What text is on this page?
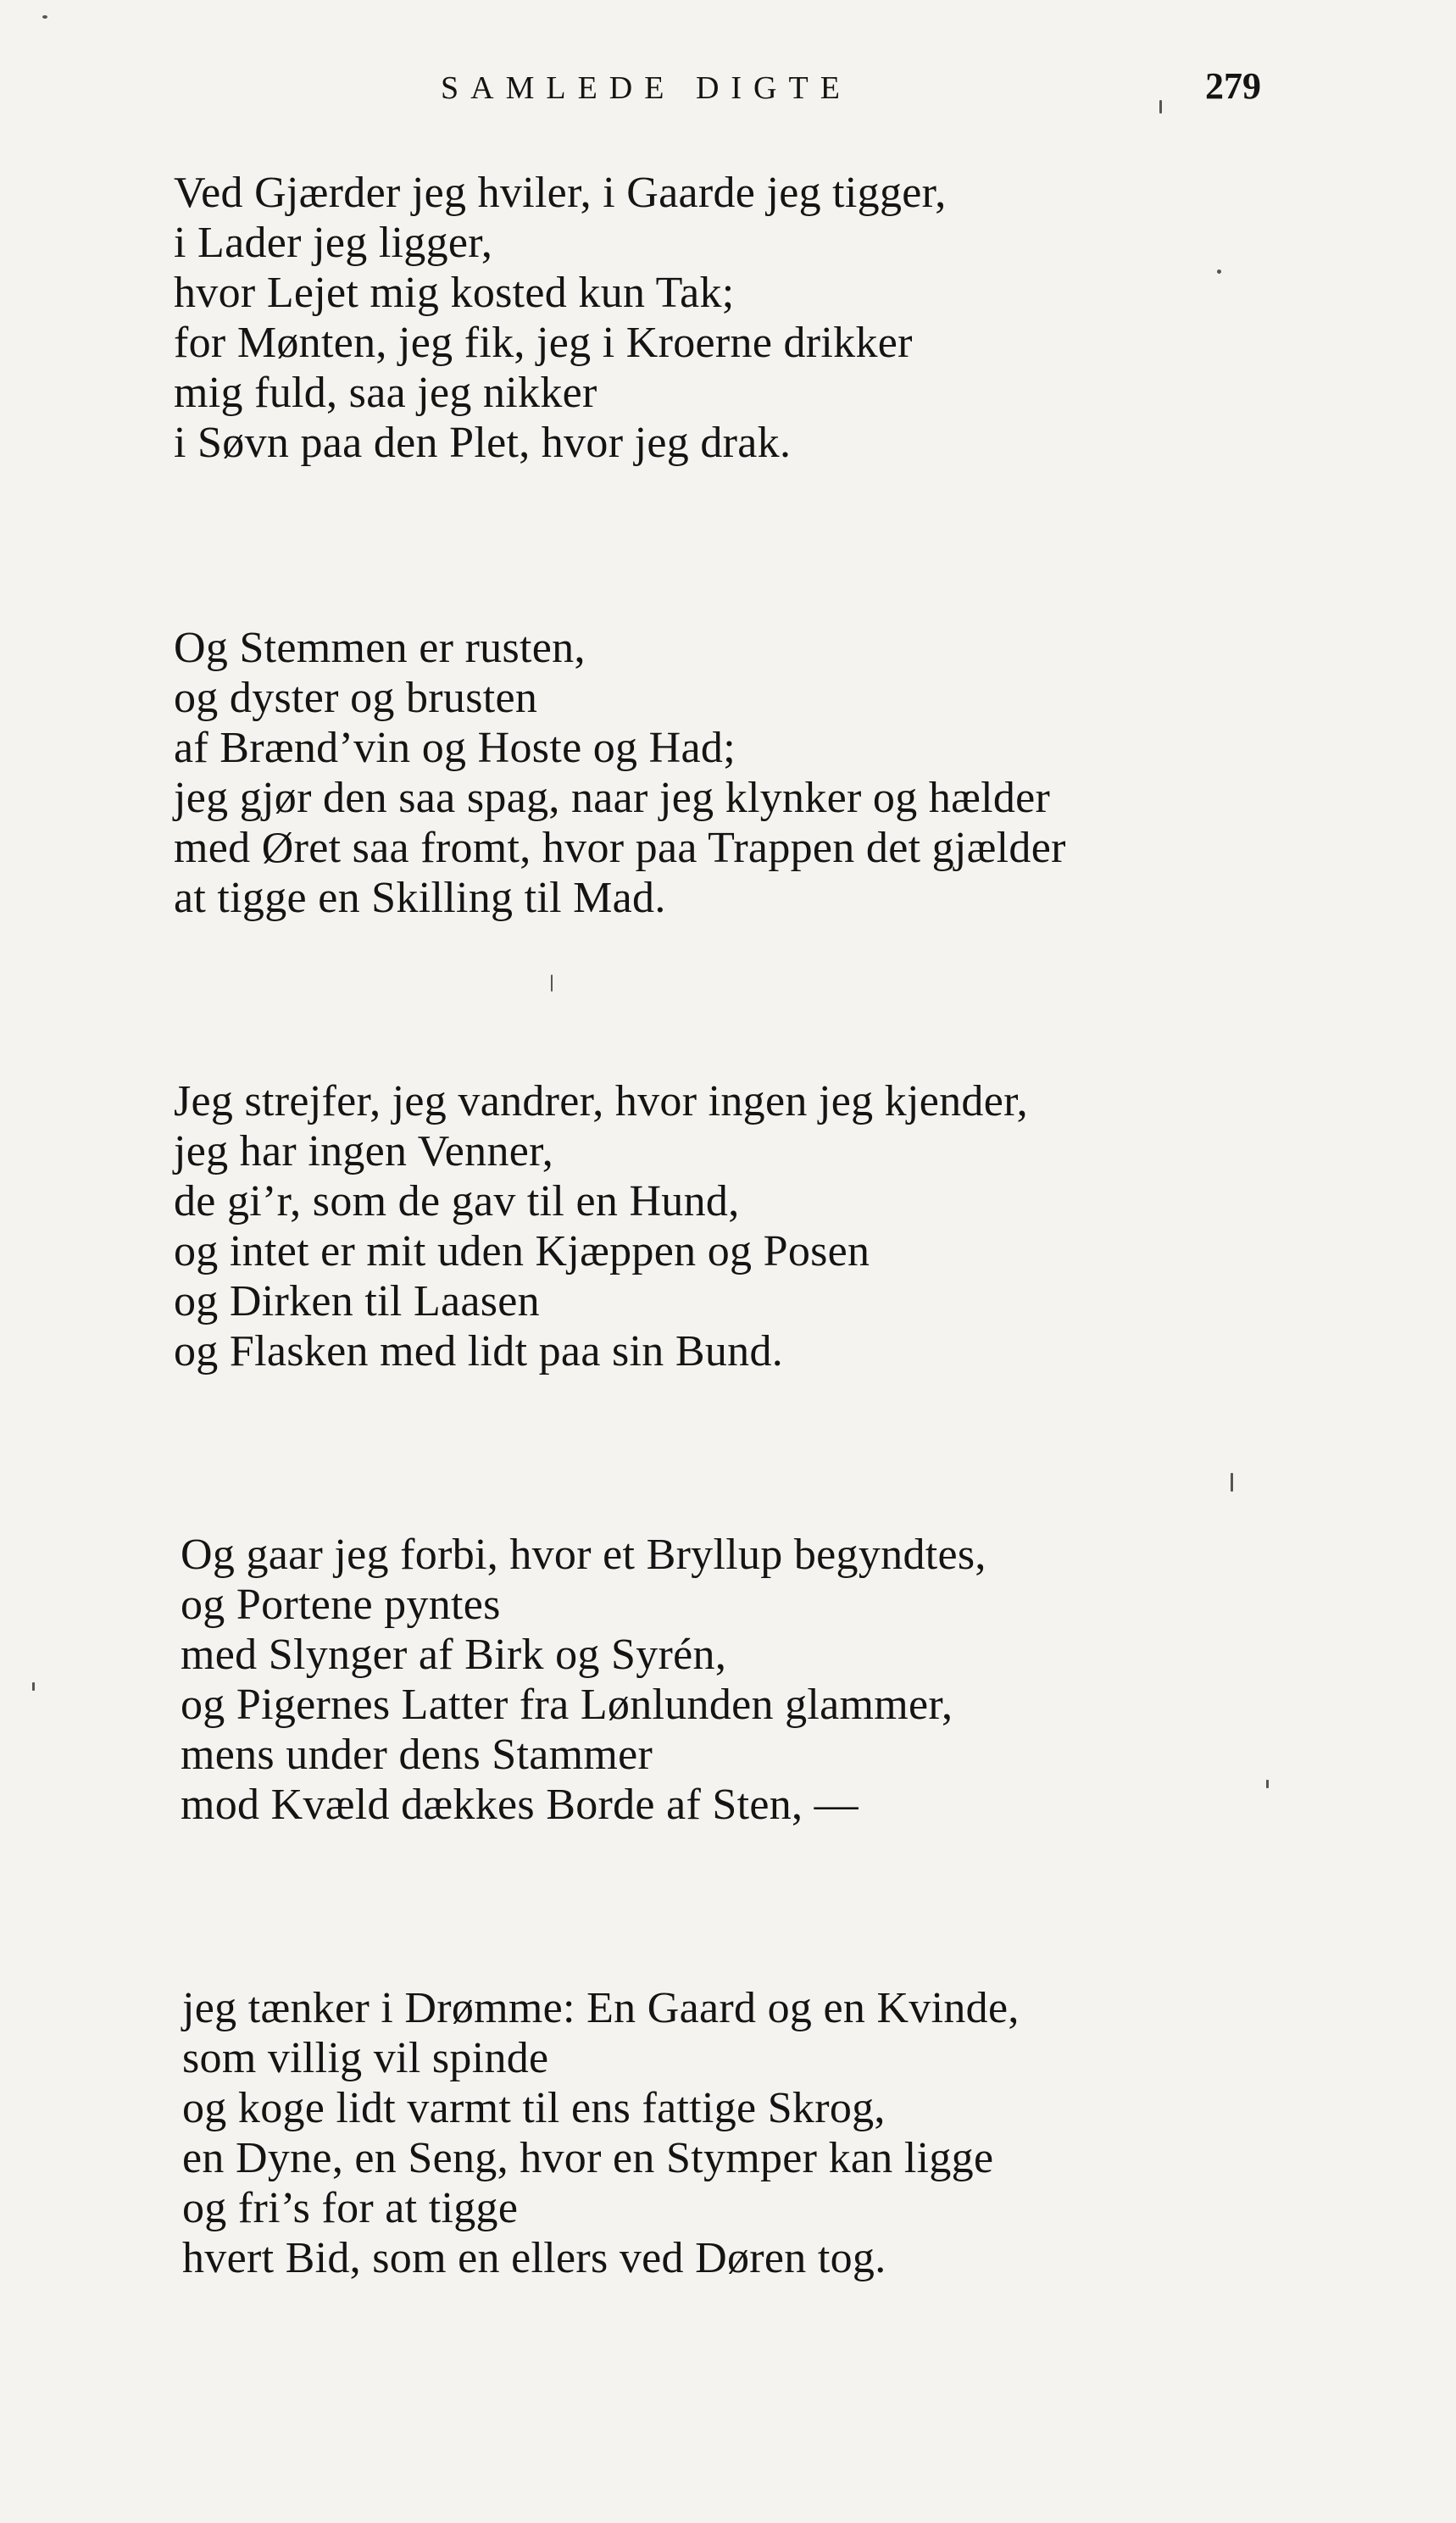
SAMLEDE DIGTE	279
Ved Gjærder jeg hviler, i Gaarde jeg tigger,
i Lader jeg ligger,
hvor Lejet mig kosted kun Tak;
for Mønten, jeg fik, jeg i Kroerne drikker
mig fuld, saa jeg nikker
i Søvn paa den Plet, hvor jeg drak.
Og Stemmen er rusten,
og dyster og brusten
af Brænd’vin og Hoste og Had;
jeg gjør den saa spag, naar jeg klynker og hælder
med Øret saa fromt, hvor paa Trappen det gjælder
at tigge en Skilling til Mad.
Jeg strejfer, jeg vandrer, hvor ingen jeg kjender,
jeg har ingen Venner,
de gi’r, som de gav til en Hund,
og intet er mit uden Kjæppen og Posen
og Dirken til Laasen
og Flasken med lidt paa sin Bund.
Og gaar jeg forbi, hvor et Bryllup begyndtes,
og Portene pyntes
med Slynger af Birk og Syrén,
og Pigernes Latter fra Lønlunden glammer,
mens under dens Stammer
mod Kvæld dækkes Borde af Sten, —
jeg tænker i Drømme: En Gaard og en Kvinde,
som villig vil spinde
og koge lidt varmt til ens fattige Skrog,
en Dyne, en Seng, hvor en Stymper kan ligge
og fri’s for at tigge
hvert Bid, som en ellers ved Døren tog.
